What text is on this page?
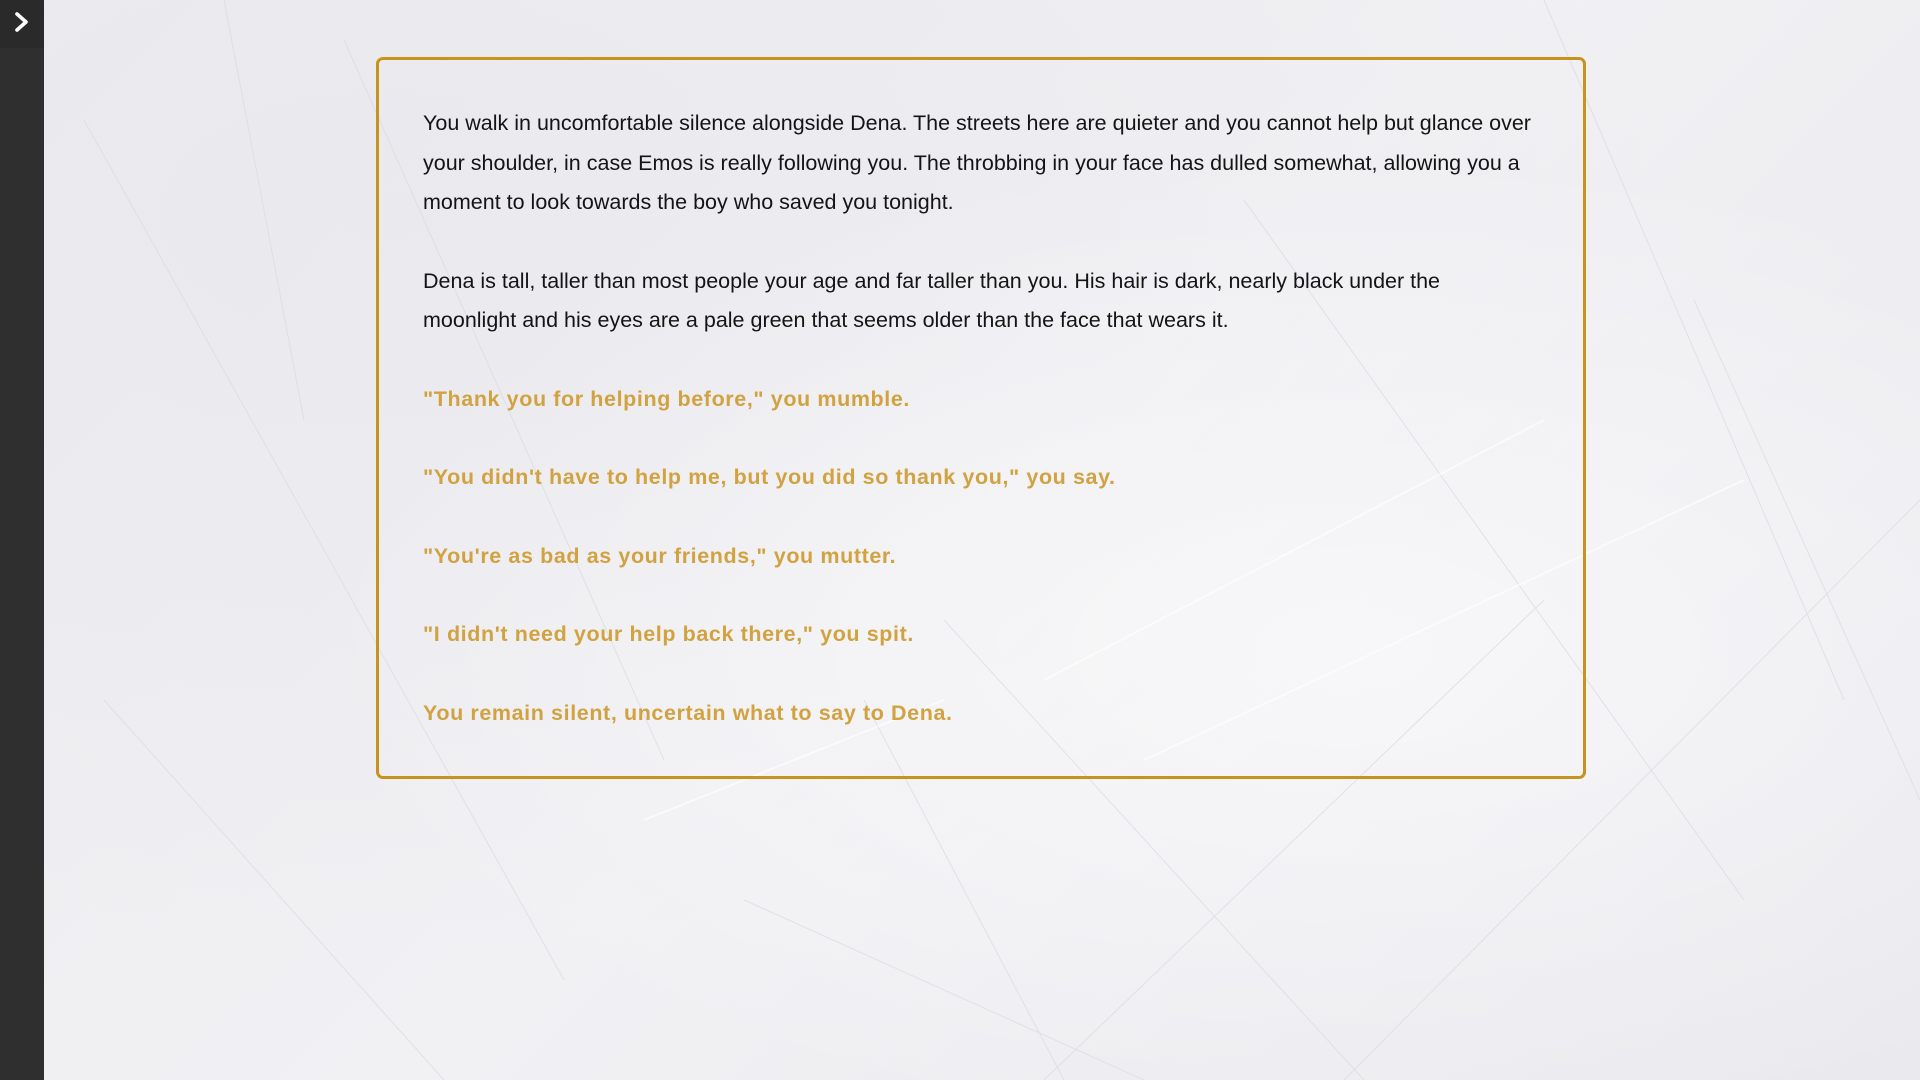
You walk in uncomfortable silence alongside Dena. The streets here are quieter and you cannot help but glance over your shoulder, in case Emos is really following you. The throbbing in your face has dulled somewhat, allowing you a moment to look towards the boy who saved you tonight.

Dena is tall, taller than most people your age and far taller than you. His hair is dark, nearly black under the moonlight and his eyes are a pale green that seems older than the face that wears it.

"Thank you for helping before," you mumble.
"You didn't have to help me, but you did so thank you," you say.
"You're as bad as your friends," you mutter.
"I didn't need your help back there," you spit.
You remain silent, uncertain what to say to Dena.
